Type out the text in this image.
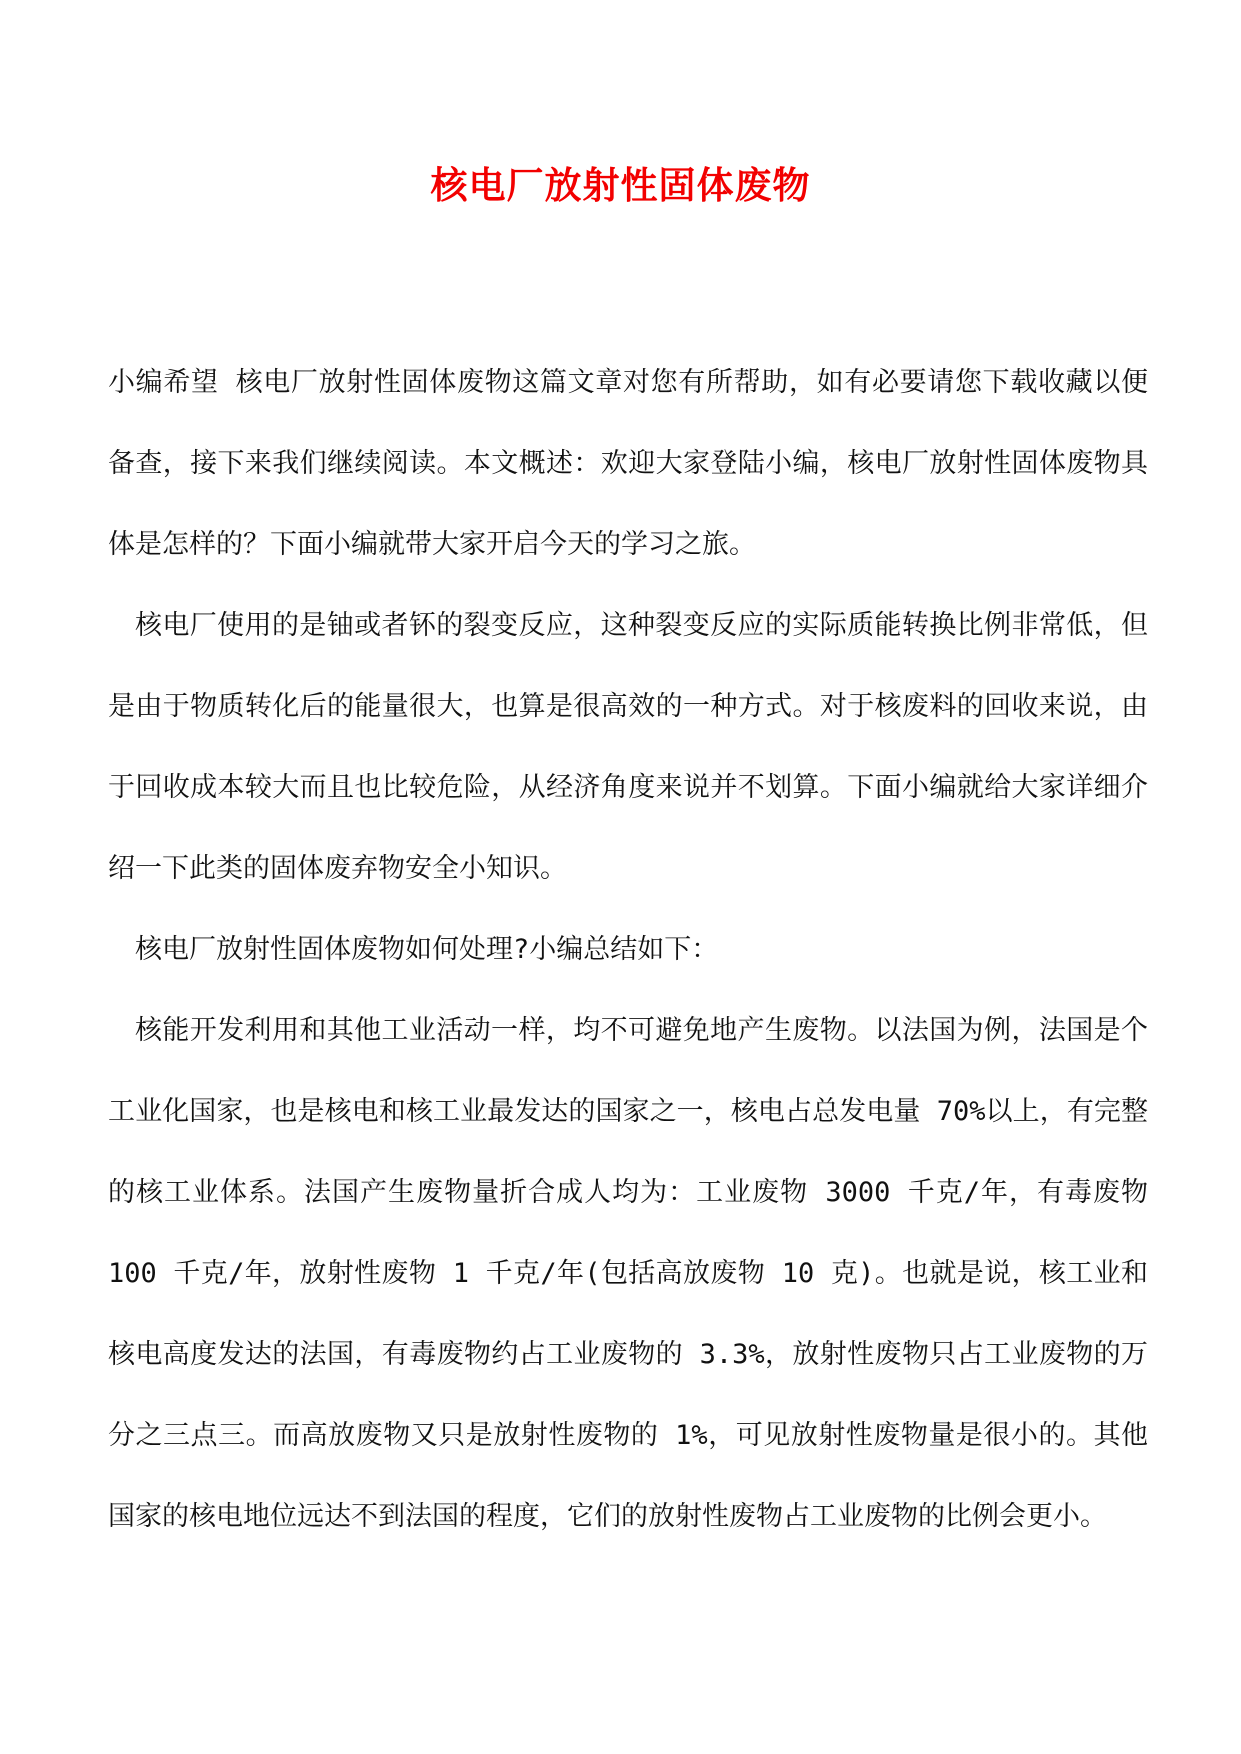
核电厂放射性固体废物

小编希望 核电厂放射性固体废物这篇文章对您有所帮助，如有必要请您下载收藏以便备查，接下来我们继续阅读。本文概述：欢迎大家登陆小编，核电厂放射性固体废物具体是怎样的？下面小编就带大家开启今天的学习之旅。

核电厂使用的是铀或者钚的裂变反应，这种裂变反应的实际质能转换比例非常低，但是由于物质转化后的能量很大，也算是很高效的一种方式。对于核废料的回收来说，由于回收成本较大而且也比较危险，从经济角度来说并不划算。下面小编就给大家详细介绍一下此类的固体废弃物安全小知识。

核电厂放射性固体废物如何处理?小编总结如下：

核能开发利用和其他工业活动一样，均不可避免地产生废物。以法国为例，法国是个工业化国家，也是核电和核工业最发达的国家之一，核电占总发电量 70%以上，有完整的核工业体系。法国产生废物量折合成人均为：工业废物 3000 千克/年，有毒废物 100 千克/年，放射性废物 1 千克/年(包括高放废物 10 克)。也就是说，核工业和核电高度发达的法国，有毒废物约占工业废物的 3.3%，放射性废物只占工业废物的万分之三点三。而高放废物又只是放射性废物的 1%，可见放射性废物量是很小的。其他国家的核电地位远达不到法国的程度，它们的放射性废物占工业废物的比例会更小。
